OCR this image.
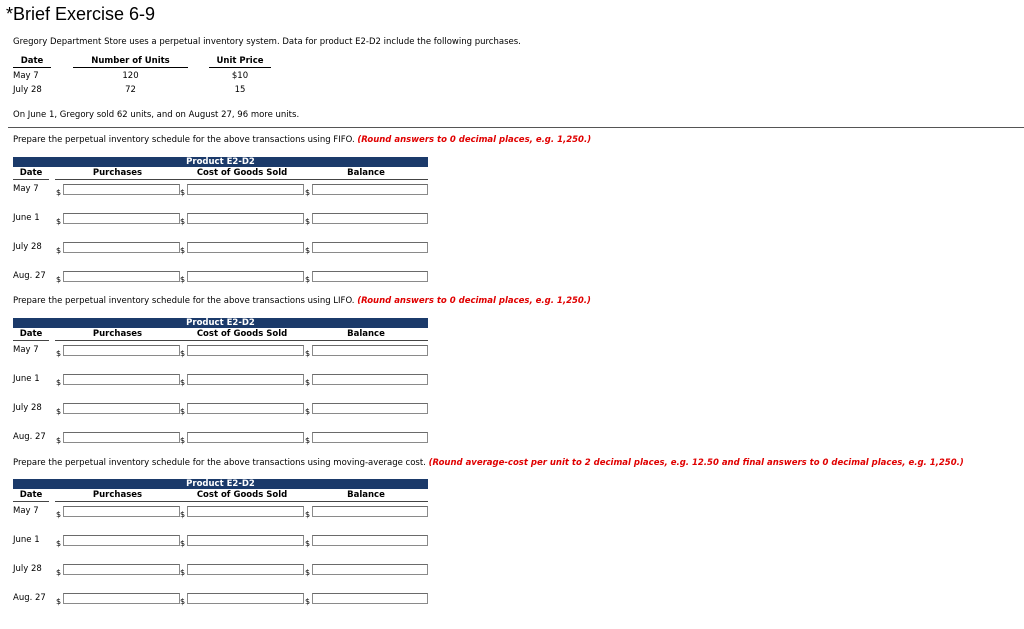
*Brief Exercise 6-9
Gregory Department Store uses a perpetual inventory system. Data for product E2-D2 include the following purchases.
Date	Number of Units	Unit Price
May 7	120	$10
July 28	72	15
On June 1, Gregory sold 62 units, and on August 27, 96 more units.
Prepare the perpetual inventory schedule for the above transactions using FIFO. (Round answers to 0 decimal places, e.g. 1,250.)
Product E2-D2
Date	Purchases	Cost of Goods Sold	Balance
May 7 $	$	$
June 1 $	$	$
July 28 $	$	$
Aug. 27 $	$	$
Prepare the perpetual inventory schedule for the above transactions using LIFO. (Round answers to 0 decimal places, e.g. 1,250.)
Product E2-D2
Date	Purchases	Cost of Goods Sold	Balance
May 7 $	$	$
June 1 $	$	$
July 28 $	$	$
Aug. 27 $	$	$
Prepare the perpetual inventory schedule for the above transactions using moving-average cost. (Round average-cost per unit to 2 decimal places, e.g. 12.50 and final answers to 0 decimal places, e.g. 1,250.)
Product E2-D2
Date	Purchases	Cost of Goods Sold	Balance
May 7 $	$	$
June 1 $	$	$
July 28 $	$	$
Aug. 27 $	$	$
